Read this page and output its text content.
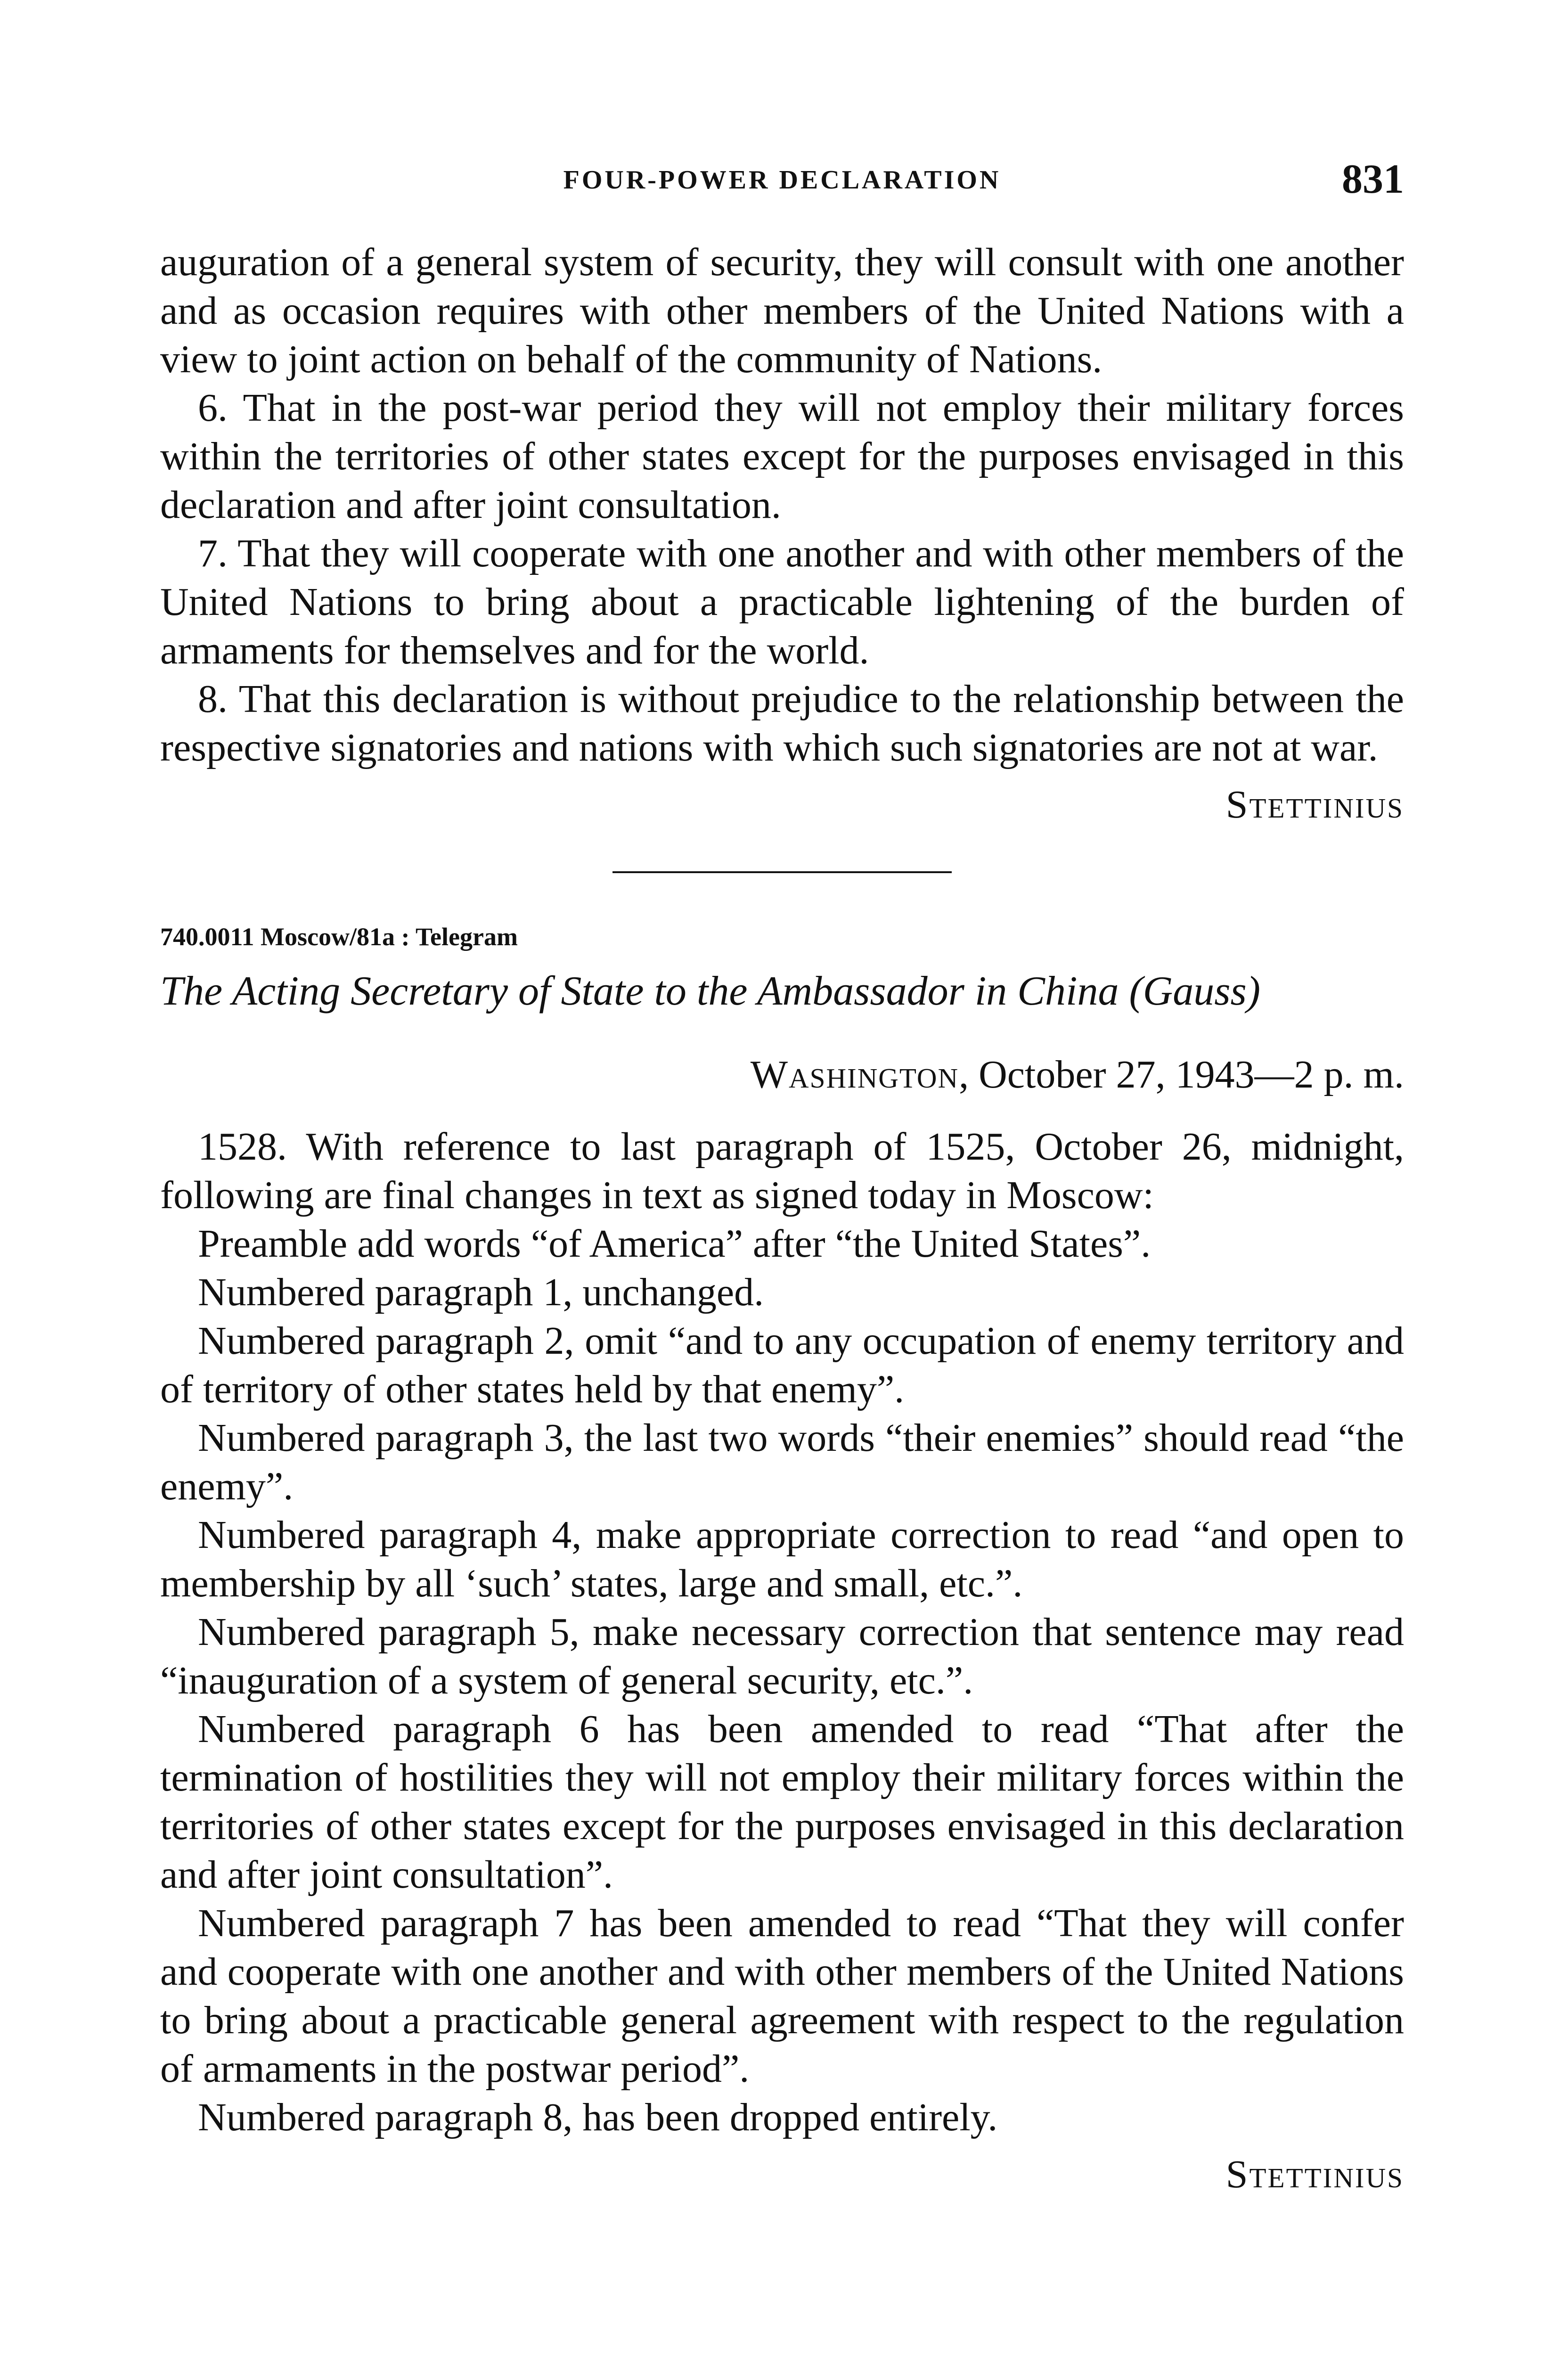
FOUR-POWER DECLARATION	831

auguration of a general system of security, they will consult with one another and as occasion requires with other members of the United Nations with a view to joint action on behalf of the community of Nations.

6. That in the post-war period they will not employ their military forces within the territories of other states except for the purposes envisaged in this declaration and after joint consultation.

7. That they will cooperate with one another and with other members of the United Nations to bring about a practicable lightening of the burden of armaments for themselves and for the world.

8. That this declaration is without prejudice to the relationship between the respective signatories and nations with which such signatories are not at war.

Stettinius

740.0011 Moscow/81a : Telegram
The Acting Secretary of State to the Ambassador in China (Gauss)
Washington, October 27, 1943—2 p. m.

1528. With reference to last paragraph of 1525, October 26, midnight, following are final changes in text as signed today in Moscow:

Preamble add words “of America” after “the United States”.

Numbered paragraph 1, unchanged.

Numbered paragraph 2, omit “and to any occupation of enemy territory and of territory of other states held by that enemy”.

Numbered paragraph 3, the last two words “their enemies” should read “the enemy”.

Numbered paragraph 4, make appropriate correction to read “and open to membership by all ‘such’ states, large and small, etc.”.

Numbered paragraph 5, make necessary correction that sentence may read “inauguration of a system of general security, etc.”.

Numbered paragraph 6 has been amended to read “That after the termination of hostilities they will not employ their military forces within the territories of other states except for the purposes envisaged in this declaration and after joint consultation”.

Numbered paragraph 7 has been amended to read “That they will confer and cooperate with one another and with other members of the United Nations to bring about a practicable general agreement with respect to the regulation of armaments in the postwar period”.

Numbered paragraph 8, has been dropped entirely.

Stettinius
